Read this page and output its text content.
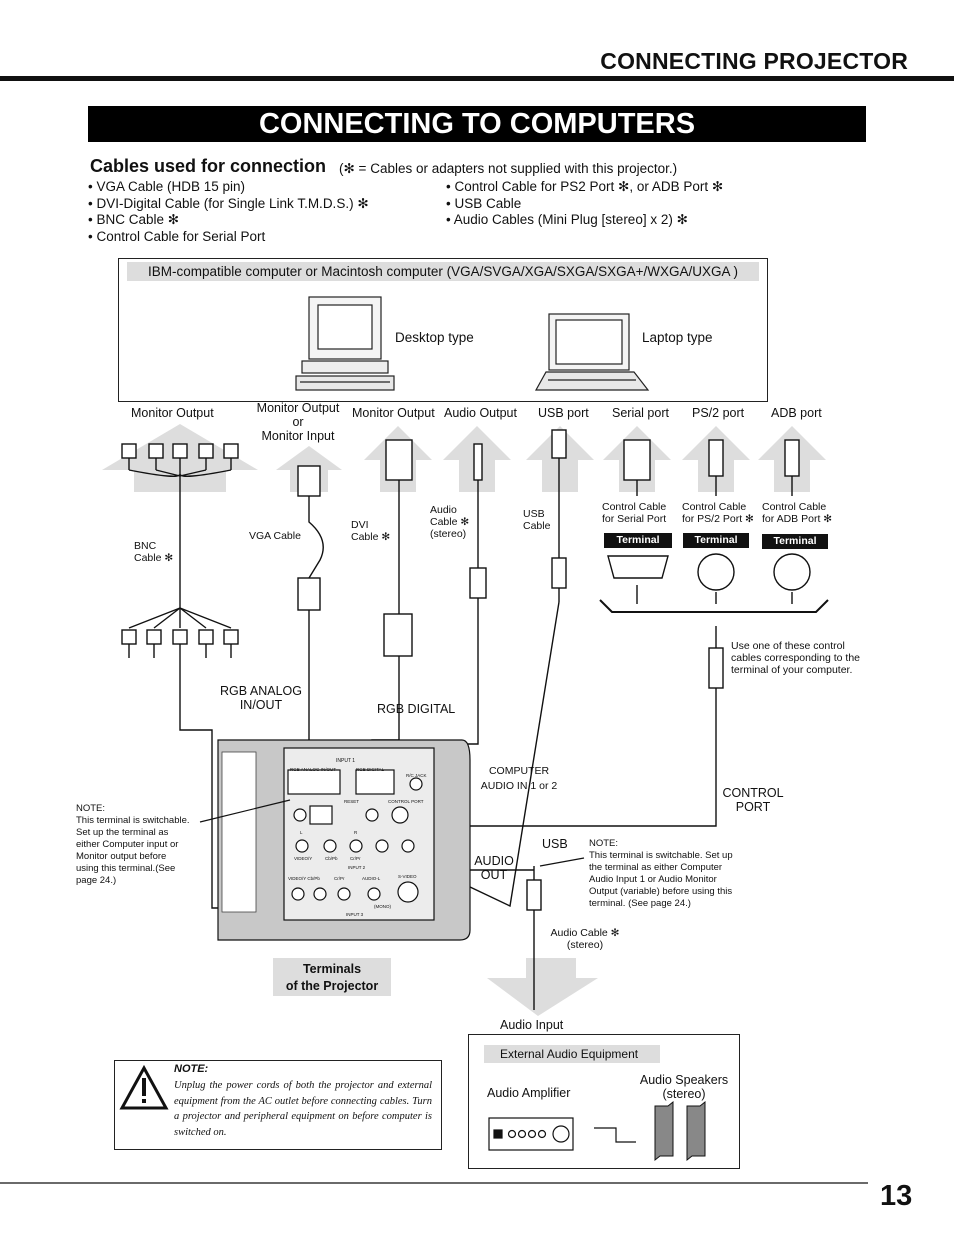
CONNECTING PROJECTOR
CONNECTING TO COMPUTERS
Cables used for connection (✻ = Cables or adapters not supplied with this projector.)
• VGA Cable (HDB 15 pin)
• DVI-Digital Cable (for Single Link T.M.D.S.) ✻
• BNC Cable ✻
• Control Cable for Serial Port
• Control Cable for PS2 Port ✻, or ADB Port ✻
• USB Cable
• Audio Cables (Mini Plug [stereo] x 2) ✻
IBM-compatible computer or Macintosh computer (VGA/SVGA/XGA/SXGA/SXGA+/WXGA/UXGA )
Desktop type	Laptop type
Monitor Output	Monitor Output
or
Monitor Input
Monitor Output Audio Output USB port Serial port PS/2 port ADB port
BNC
Cable ✻
VGA Cable
DVI
Cable ✻
Audio
Cable ✻
(stereo)
USB
Cable
Control Cable
for Serial Port
Control Cable
for PS/2 Port ✻
Control Cable
for ADB Port ✻
Terminal	Terminal	Terminal
Use one of these control
cables corresponding to the
terminal of your computer.
RGB ANALOG
IN/OUT	RGB DIGITAL
COMPUTER
AUDIO IN 1 or 2	CONTROL
PORT
USB
AUDIO
OUT
INPUT 1
RGB ANALOG IN/OUT	RGB DIGITAL
R/C JACK
RESET	CONTROL PORT
L	R
VIDEO/Y	Cb/Pb	Cr/Pr
INPUT 2
VIDEO/Y Cb/Pb	Cr/Pr	AUDIO-L	S-VIDEO
(MONO)
INPUT 3
Terminals
of the Projector
NOTE:
This terminal is switchable.
Set up the terminal as
either Computer input or
Monitor output before
using this terminal.(See
page 24.)
NOTE:
This terminal is switchable. Set up
the terminal as either Computer
Audio Input 1 or Audio Monitor
Output (variable) before using this
terminal. (See page 24.)
Audio Cable ✻
(stereo)
Audio Input
External Audio Equipment
Audio Amplifier
Audio Speakers
(stereo)
NOTE:
Unplug the power cords of both the projector and external equipment from the AC outlet before connecting cables. Turn a projector and peripheral equipment on before computer is switched on.
13
